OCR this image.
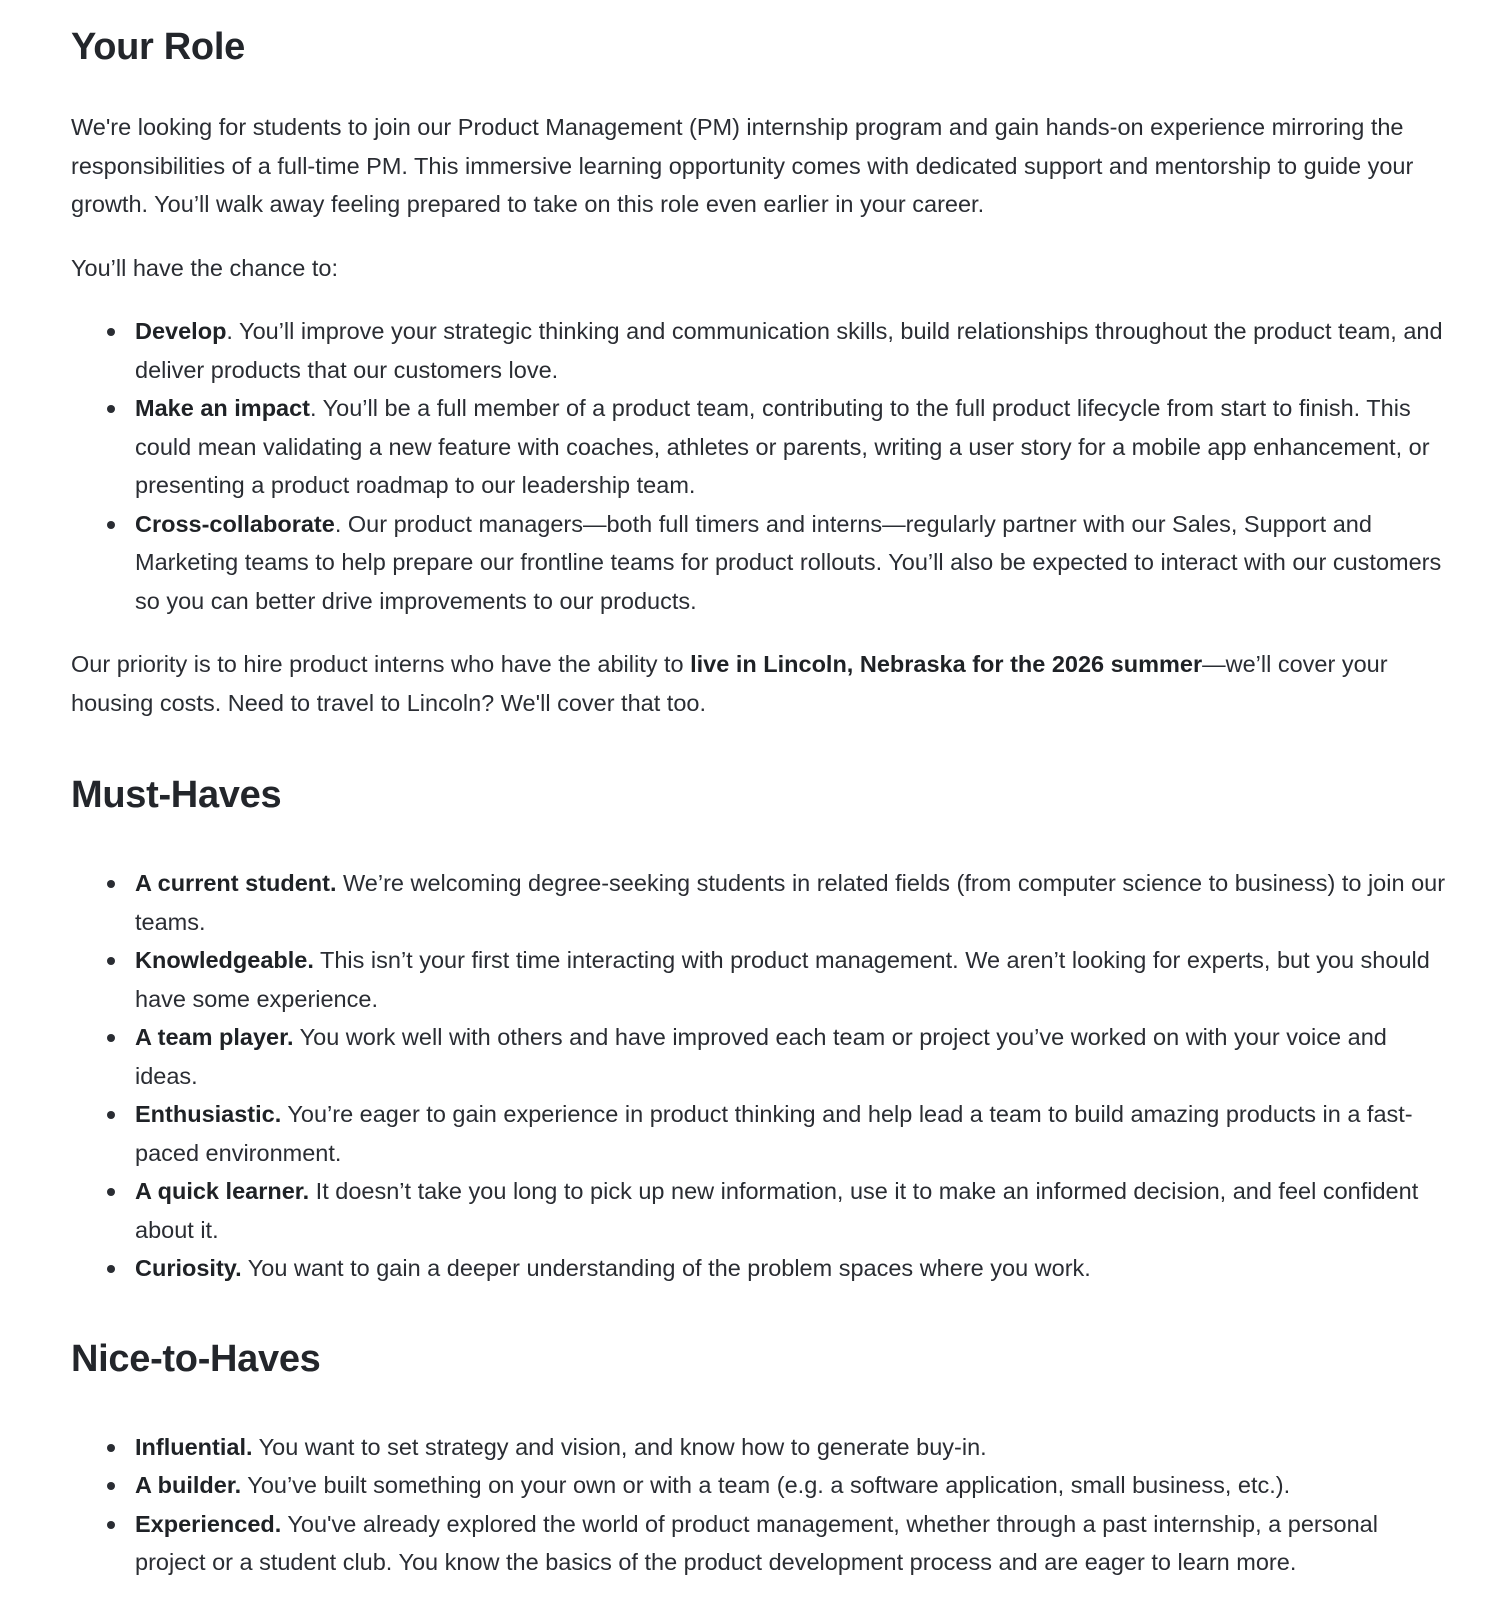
Your Role

We're looking for students to join our Product Management (PM) internship program and gain hands-on experience mirroring the responsibilities of a full-time PM. This immersive learning opportunity comes with dedicated support and mentorship to guide your growth. You’ll walk away feeling prepared to take on this role even earlier in your career.

You’ll have the chance to:

Develop. You’ll improve your strategic thinking and communication skills, build relationships throughout the product team, and deliver products that our customers love.
Make an impact. You’ll be a full member of a product team, contributing to the full product lifecycle from start to finish. This could mean validating a new feature with coaches, athletes or parents, writing a user story for a mobile app enhancement, or presenting a product roadmap to our leadership team.
Cross-collaborate. Our product managers—both full timers and interns—regularly partner with our Sales, Support and Marketing teams to help prepare our frontline teams for product rollouts. You’ll also be expected to interact with our customers so you can better drive improvements to our products.

Our priority is to hire product interns who have the ability to live in Lincoln, Nebraska for the 2026 summer—we’ll cover your housing costs. Need to travel to Lincoln? We'll cover that too.

Must-Haves
A current student. We’re welcoming degree-seeking students in related fields (from computer science to business) to join our teams.
Knowledgeable. This isn’t your first time interacting with product management. We aren’t looking for experts, but you should have some experience.
A team player. You work well with others and have improved each team or project you’ve worked on with your voice and ideas.
Enthusiastic. You’re eager to gain experience in product thinking and help lead a team to build amazing products in a fast-paced environment.
A quick learner. It doesn’t take you long to pick up new information, use it to make an informed decision, and feel confident about it.
Curiosity. You want to gain a deeper understanding of the problem spaces where you work.
Nice-to-Haves
Influential. You want to set strategy and vision, and know how to generate buy-in.
A builder. You’ve built something on your own or with a team (e.g. a software application, small business, etc.).
Experienced. You've already explored the world of product management, whether through a past internship, a personal project or a student club. You know the basics of the product development process and are eager to learn more.
